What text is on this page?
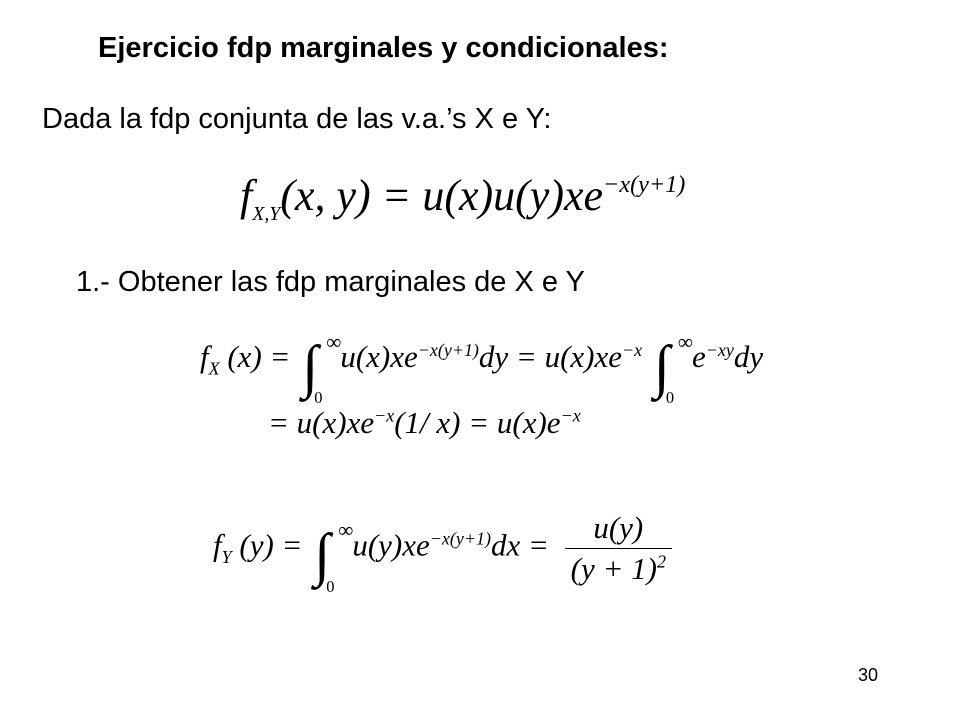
Ejercicio fdp marginales y condicionales:
Dada la fdp conjunta de las v.a.’s X e Y:
$f_{X,Y}(x$, $y) = u(x)u(y)xe^{-x(y+1)}$
1.- Obtener las fdp marginales de X e Y
$f_X$ (x) = ∫ ∞
0
$u(x)xe^{-x(y+1)}dy = u(x)xe^{-x}$ ∫ ∞
0
$e^{-xy}dy$
= $u(x)xe^{-x}(1/$ $x) = u(x)e^{-x}$
$f_Y$ (y) = ∫ ∞
0
$u(y)xe^{-x(y+1)}dx = \frac{u(y)}{(y + 1)^2}$
30
